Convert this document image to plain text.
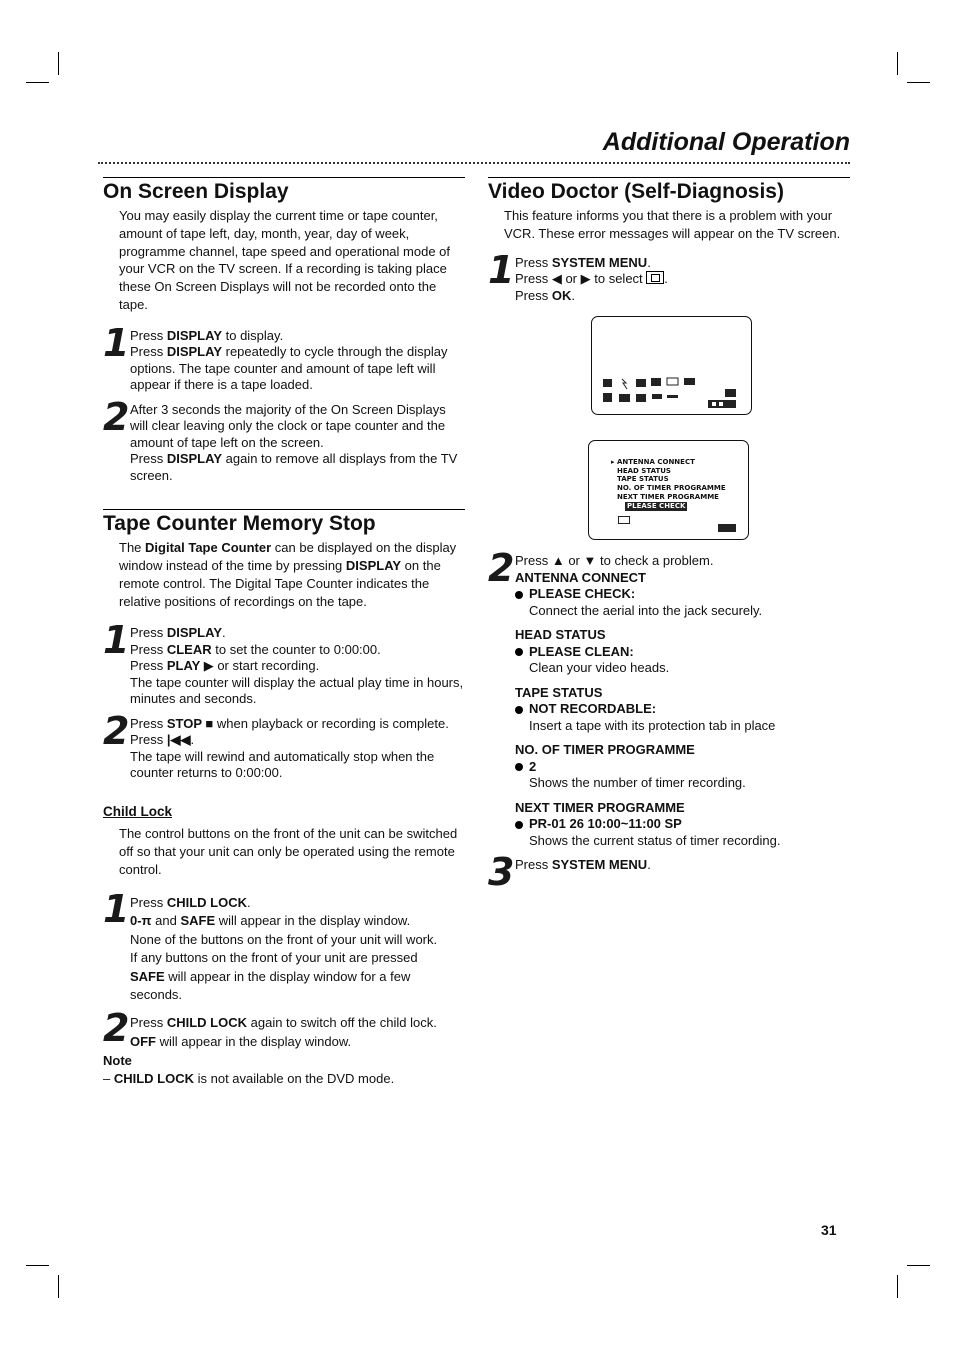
Additional Operation
On Screen Display

You may easily display the current time or tape counter, amount of tape left, day, month, year, day of week, programme channel, tape speed and operational mode of your VCR on the TV screen. If a recording is taking place these On Screen Displays will not be recorded onto the tape.

1 Press DISPLAY to display.

Press DISPLAY repeatedly to cycle through the display options. The tape counter and amount of tape left will appear if there is a tape loaded.

2 After 3 seconds the majority of the On Screen Displays will clear leaving only the clock or tape counter and the amount of tape left on the screen.

Press DISPLAY again to remove all displays from the TV screen.

Tape Counter Memory Stop

The Digital Tape Counter can be displayed on the display window instead of the time by pressing DISPLAY on the remote control. The Digital Tape Counter indicates the relative positions of recordings on the tape.

1 Press DISPLAY.

Press CLEAR to set the counter to 0:00:00.

Press PLAY ▶ or start recording.

The tape counter will display the actual play time in hours, minutes and seconds.

2 Press STOP ■ when playback or recording is complete.

Press |◀◀.

The tape will rewind and automatically stop when the counter returns to 0:00:00.

Child Lock

The control buttons on the front of the unit can be switched off so that your unit can only be operated using the remote control.

1 Press CHILD LOCK.

0-π and SAFE will appear in the display window.

None of the buttons on the front of your unit will work.

If any buttons on the front of your unit are pressed

SAFE will appear in the display window for a few seconds.

2 Press CHILD LOCK again to switch off the child lock.

OFF will appear in the display window.

Note
– CHILD LOCK is not available on the DVD mode.
Video Doctor (Self-Diagnosis)

This feature informs you that there is a problem with your VCR. These error messages will appear on the TV screen.

1 Press SYSTEM MENU.

Press ◀ or ▶ to select
.

Press OK.

▸ ANTENNA CONNECT
HEAD STATUS
TAPE STATUS
NO. OF TIMER PROGRAMME
NEXT TIMER PROGRAMME
PLEASE CHECK
2 Press ▲ or ▼ to check a problem.

ANTENNA CONNECT
PLEASE CHECK:
Connect the aerial into the jack securely.
HEAD STATUS
PLEASE CLEAN:
Clean your video heads.
TAPE STATUS
NOT RECORDABLE:
Insert a tape with its protection tab in place
NO. OF TIMER PROGRAMME
2
Shows the number of timer recording.
NEXT TIMER PROGRAMME
PR-01 26 10:00~11:00 SP
Shows the current status of timer recording.
3 Press SYSTEM MENU.

31
